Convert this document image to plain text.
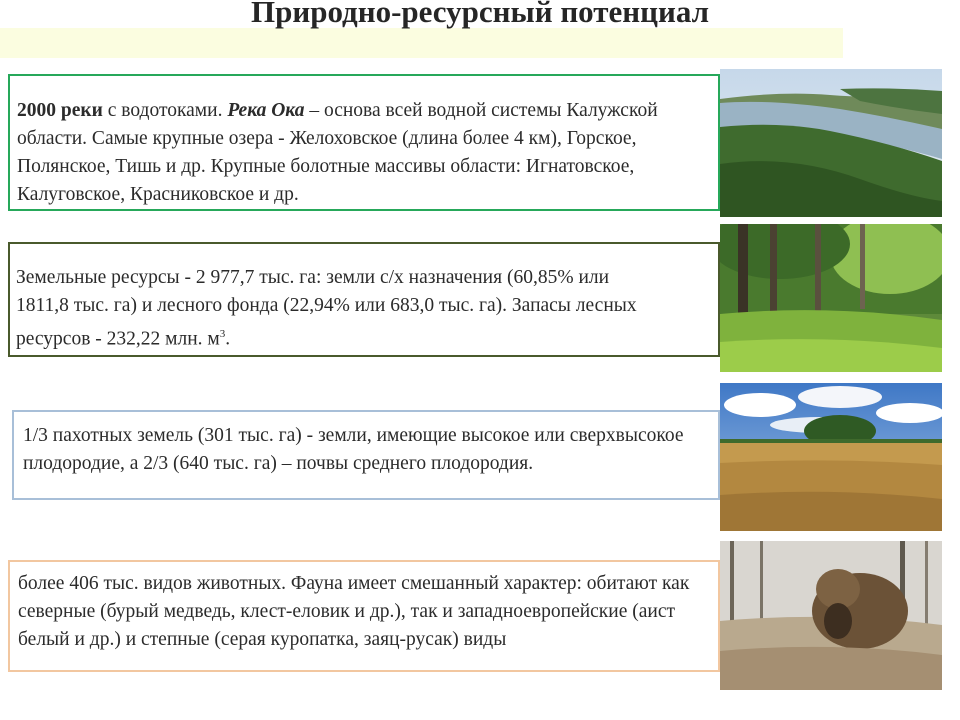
Природно-ресурсный потенциал

2000 реки с водотоками. Река Ока – основа всей водной системы Калужской области. Самые крупные озера - Желоховское (длина более 4 км), Горское, Полянское, Тишь и др. Крупные болотные массивы области: Игнатовское, Калуговское, Красниковское и др.

Земельные ресурсы - 2 977,7 тыс. га: земли с/х назначения (60,85% или

1811,8 тыс. га) и лесного фонда (22,94% или 683,0 тыс. га). Запасы лесных

ресурсов - 232,22 млн. $м^3$.

1/3 пахотных земель (301 тыс. га) - земли, имеющие высокое или сверхвысокое плодородие, а 2/3 (640 тыс. га) – почвы среднего плодородия.

более 406 тыс. видов животных. Фауна имеет смешанный характер: обитают как северные (бурый медведь, клест-еловик и др.), так и западноевропейские (аист белый и др.) и степные (серая куропатка, заяц-русак) виды
